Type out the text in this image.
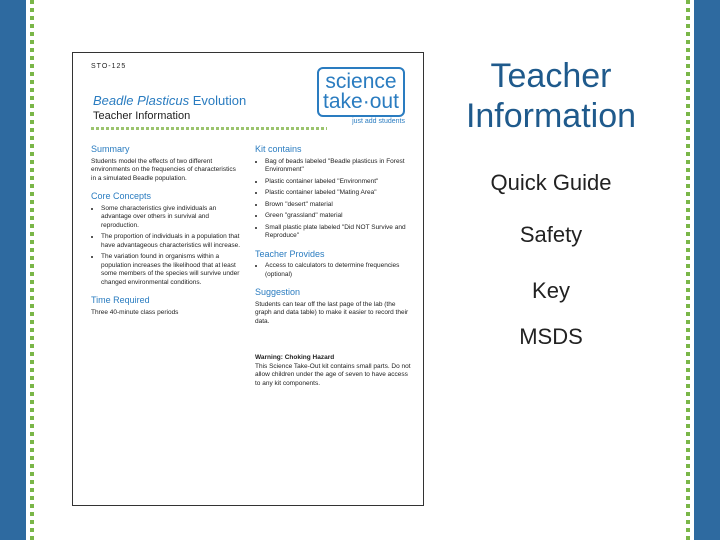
STO-125
science
take·out
just add students
Beadle Plasticus Evolution
Teacher Information
Summary
Students model the effects of two different environments on the frequencies of characteristics in a simulated Beadle population.
Core Concepts
• Some characteristics give individuals an advantage over others in survival and reproduction.
• The proportion of individuals in a population that have advantageous characteristics will increase.
• The variation found in organisms within a population increases the likelihood that at least some members of the species will survive under changed environmental conditions.
Time Required
Three 40-minute class periods
Kit contains
• Bag of beads labeled "Beadle plasticus in Forest Environment"
• Plastic container labeled "Environment"
• Plastic container labeled "Mating Area"
• Brown "desert" material
• Green "grassland" material
• Small plastic plate labeled "Did NOT Survive and Reproduce"
Teacher Provides
• Access to calculators to determine frequencies (optional)
Suggestion
Students can tear off the last page of the lab (the graph and data table) to make it easier to record their data.
Warning: Choking Hazard
This Science Take-Out kit contains small parts. Do not allow children under the age of seven to have access to any kit components.
Teacher
Information
Quick Guide
Safety
Key
MSDS
